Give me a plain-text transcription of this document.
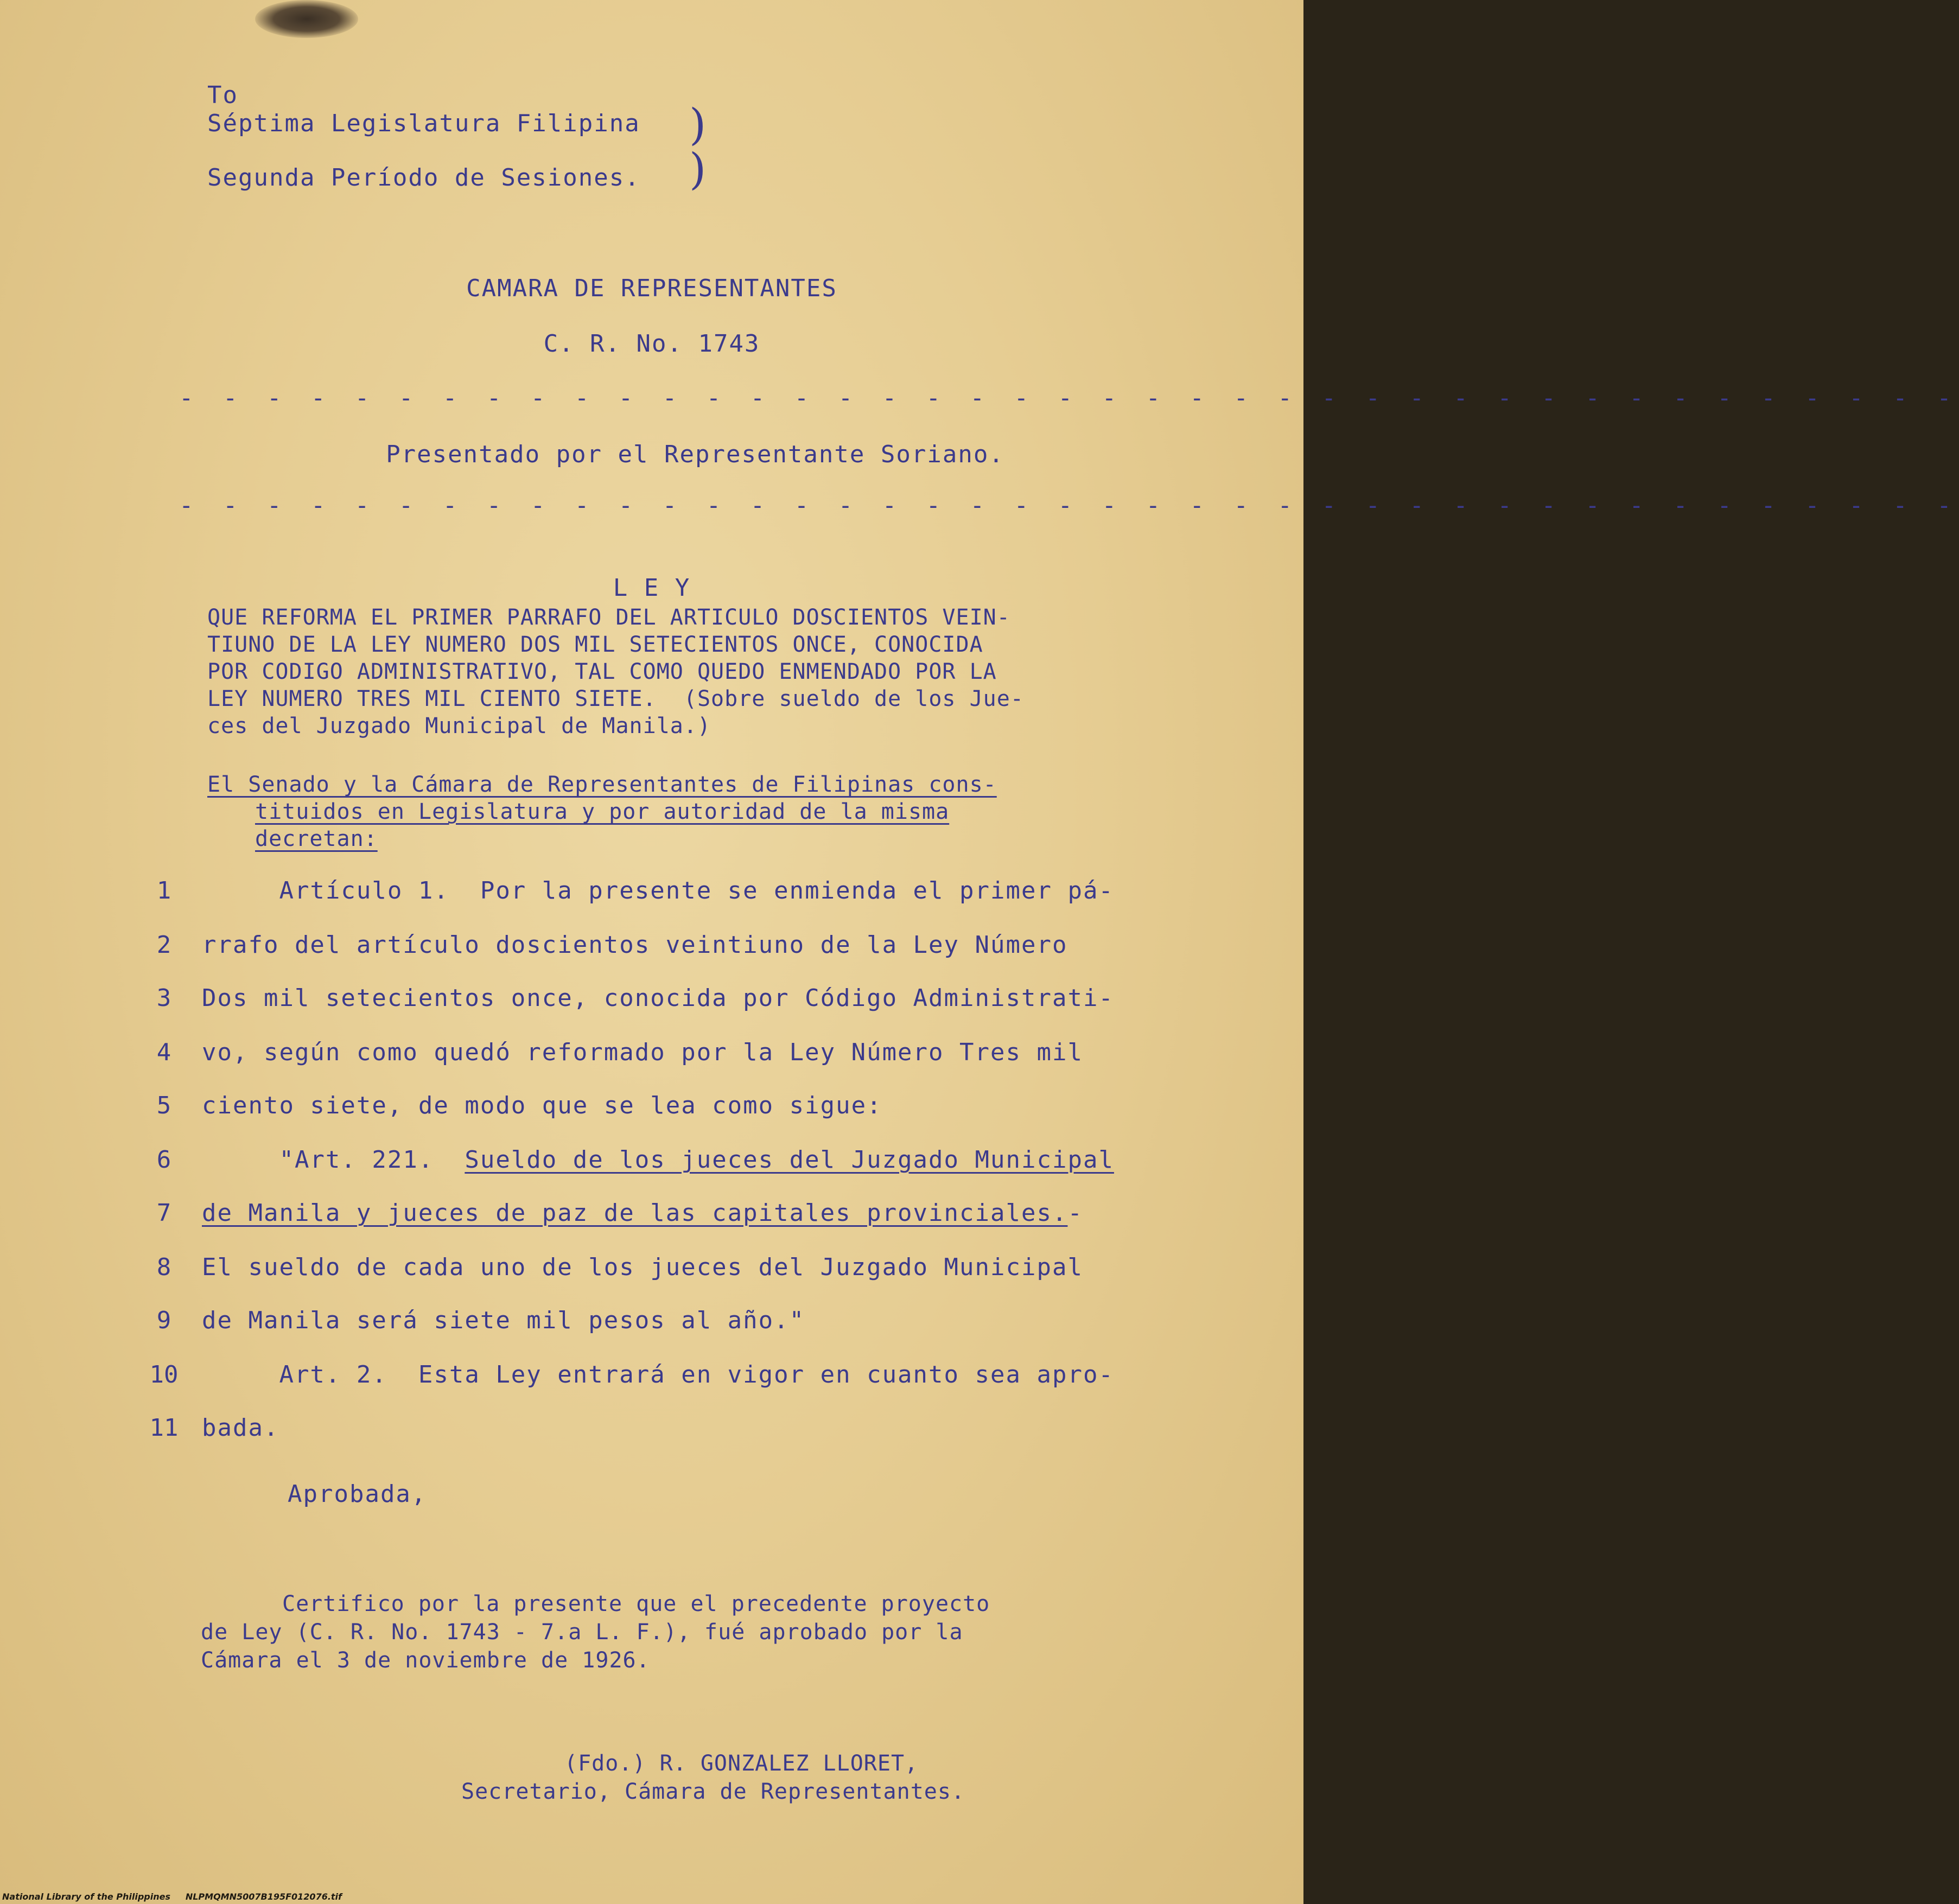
To
Séptima Legislatura Filipina
Segunda Período de Sesiones.
)
)
CAMARA DE REPRESENTANTES
C. R. No. 1743
- - - - - - - - - - - - - - - - - - - - - - - - - - - - - - - - - - - - - - - - -
Presentado por el Representante Soriano.
- - - - - - - - - - - - - - - - - - - - - - - - - - - - - - - - - - - - - - - - -
L E Y
QUE REFORMA EL PRIMER PARRAFO DEL ARTICULO DOSCIENTOS VEIN-
TIUNO DE LA LEY NUMERO DOS MIL SETECIENTOS ONCE, CONOCIDA
POR CODIGO ADMINISTRATIVO, TAL COMO QUEDO ENMENDADO POR LA
LEY NUMERO TRES MIL CIENTO SIETE.  (Sobre sueldo de los Jue-
ces del Juzgado Municipal de Manila.)
El Senado y la Cámara de Representantes de Filipinas cons-
tituidos en Legislatura y por autoridad de la misma
decretan:
1	Artículo 1.  Por la presente se enmienda el primer pá-
2	rrafo del artículo doscientos veintiuno de la Ley Número
3	Dos mil setecientos once, conocida por Código Administrati-
4	vo, según como quedó reformado por la Ley Número Tres mil
5	ciento siete, de modo que se lea como sigue:
6	"Art. 221.  Sueldo de los jueces del Juzgado Municipal
7	de Manila y jueces de paz de las capitales provinciales.-
8	El sueldo de cada uno de los jueces del Juzgado Municipal
9	de Manila será siete mil pesos al año."
10 Art. 2.  Esta Ley entrará en vigor en cuanto sea apro-
11 bada.
Aprobada,
Certifico por la presente que el precedente proyecto
de Ley (C. R. No. 1743 - 7.a L. F.), fué aprobado por la
Cámara el 3 de noviembre de 1926.
(Fdo.) R. GONZALEZ LLORET,
Secretario, Cámara de Representantes.
National Library of the Philippines     NLPMQMN5007B195F012076.tif
